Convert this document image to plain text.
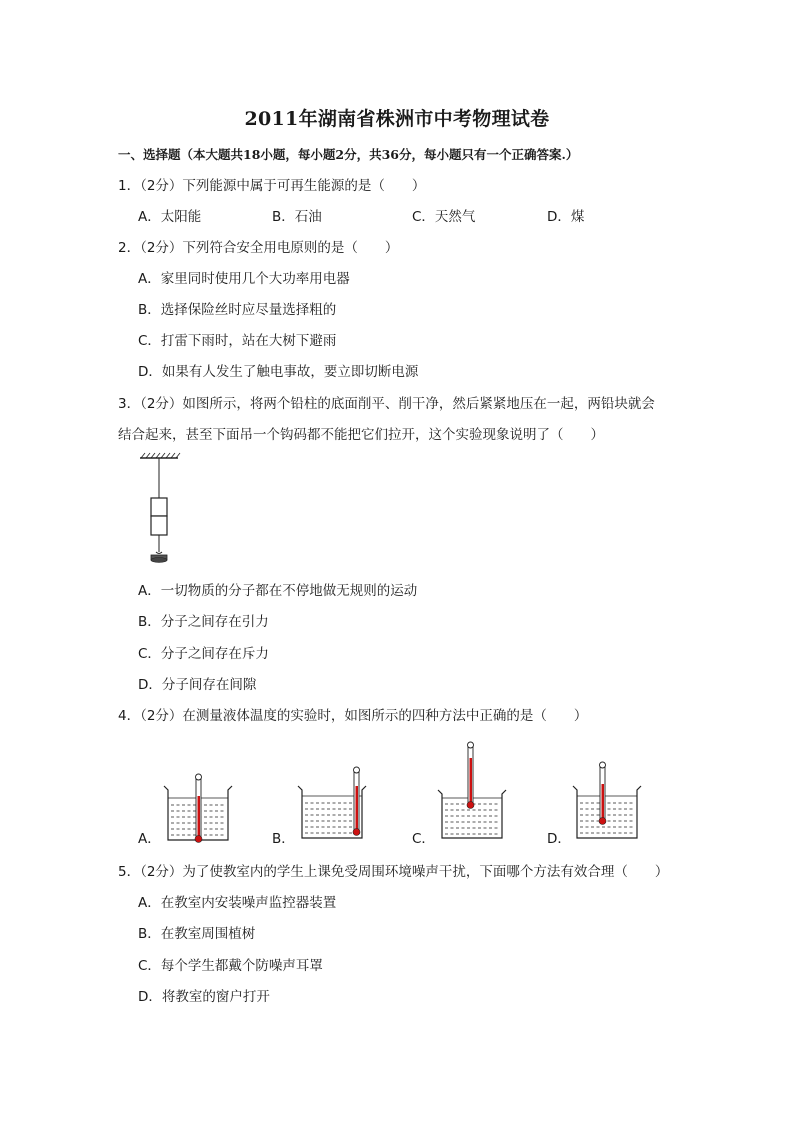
2011年湖南省株洲市中考物理试卷
一、选择题（本大题共18小题，每小题2分，共36分，每小题只有一个正确答案.）
1．（2分）下列能源中属于可再生能源的是（　　）
A．太阳能	B．石油	C．天然气	D．煤
2．（2分）下列符合安全用电原则的是（　　）
A．家里同时使用几个大功率用电器
B．选择保险丝时应尽量选择粗的
C．打雷下雨时，站在大树下避雨
D．如果有人发生了触电事故，要立即切断电源
3．（2分）如图所示，将两个铅柱的底面削平、削干净，然后紧紧地压在一起，两铅块就会
结合起来，甚至下面吊一个钩码都不能把它们拉开，这个实验现象说明了（　　）
A．一切物质的分子都在不停地做无规则的运动
B．分子之间存在引力
C．分子之间存在斥力
D．分子间存在间隙
4．（2分）在测量液体温度的实验时，如图所示的四种方法中正确的是（　　）
A．	B．	C．	D．
5．（2分）为了使教室内的学生上课免受周围环境噪声干扰，下面哪个方法有效合理（　　）
A．在教室内安装噪声监控器装置
B．在教室周围植树
C．每个学生都戴个防噪声耳罩
D．将教室的窗户打开
